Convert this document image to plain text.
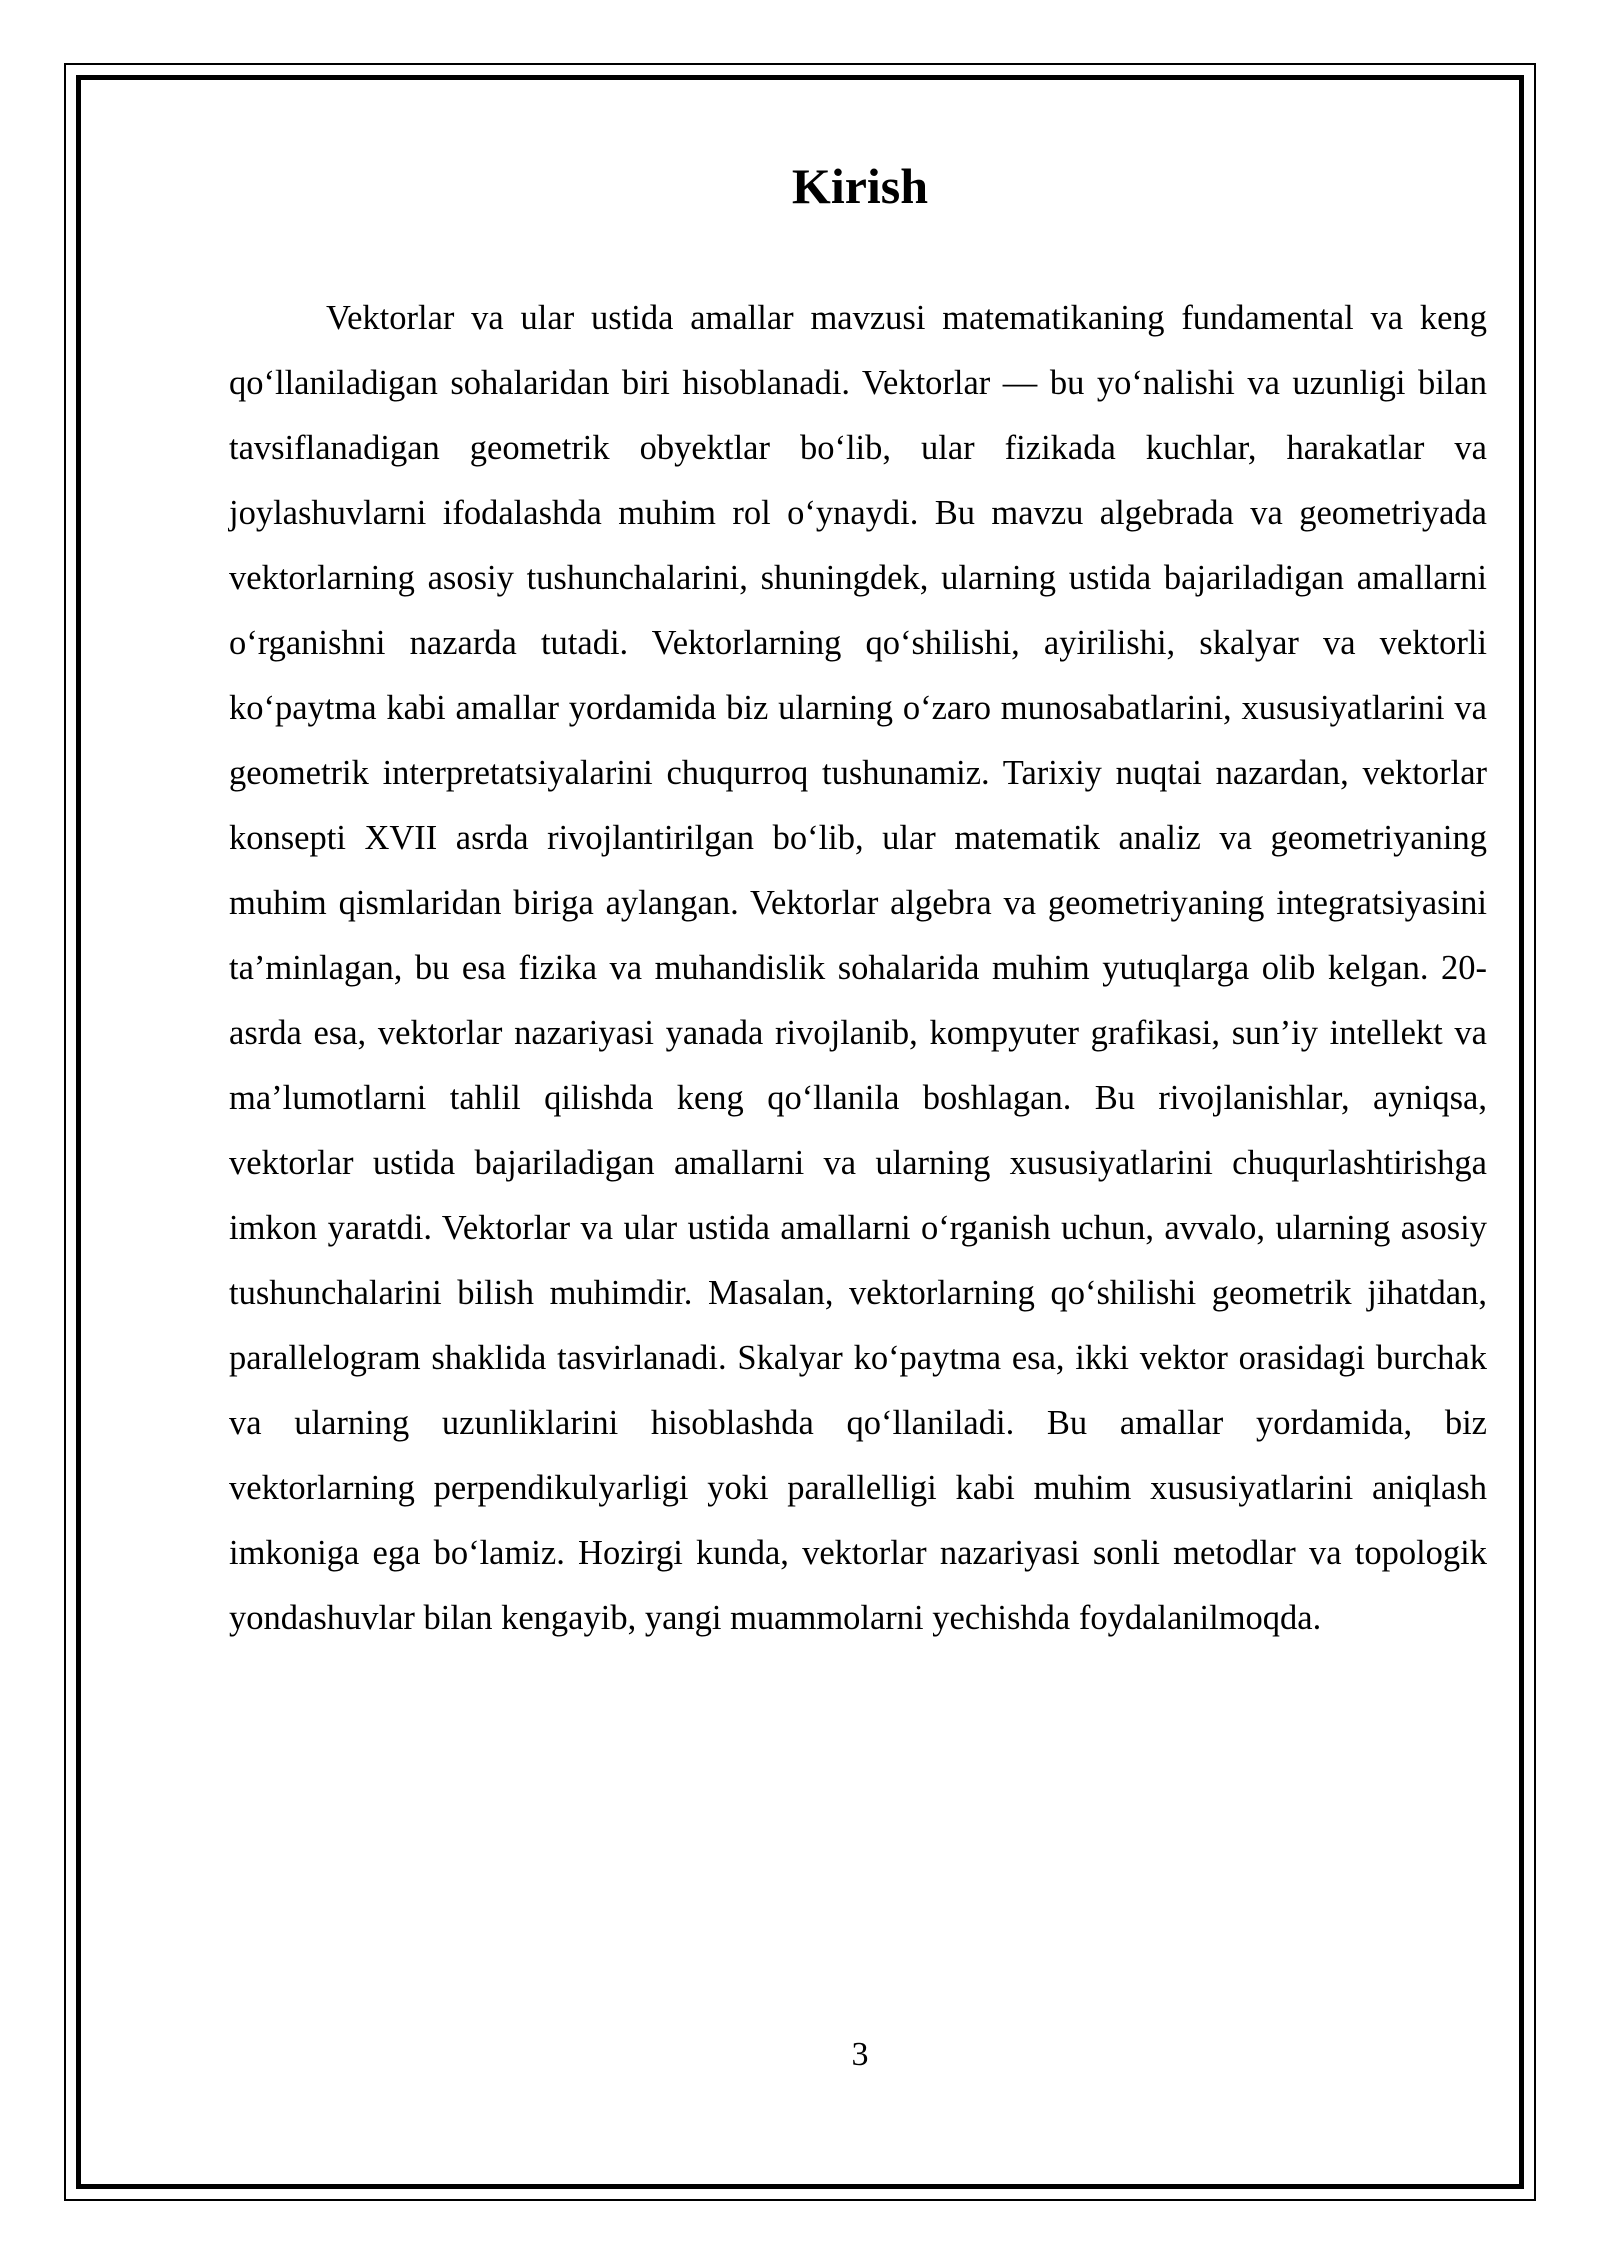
Kirish

Vektorlar va ular ustida amallar mavzusi matematikaning fundamental va keng qo‘llaniladigan sohalaridan biri hisoblanadi. Vektorlar — bu yo‘nalishi va uzunligi bilan tavsiflanadigan geometrik obyektlar bo‘lib, ular fizikada kuchlar, harakatlar va joylashuvlarni ifodalashda muhim rol o‘ynaydi. Bu mavzu algebrada va geometriyada vektorlarning asosiy tushunchalarini, shuningdek, ularning ustida bajariladigan amallarni o‘rganishni nazarda tutadi. Vektorlarning qo‘shilishi, ayirilishi, skalyar va vektorli ko‘paytma kabi amallar yordamida biz ularning o‘zaro munosabatlarini, xususiyatlarini va geometrik interpretatsiyalarini chuqurroq tushunamiz. Tarixiy nuqtai nazardan, vektorlar konsepti XVII asrda rivojlantirilgan bo‘lib, ular matematik analiz va geometriyaning muhim qismlaridan biriga aylangan. Vektorlar algebra va geometriyaning integratsiyasini ta’minlagan, bu esa fizika va muhandislik sohalarida muhim yutuqlarga olib kelgan. 20-asrda esa, vektorlar nazariyasi yanada rivojlanib, kompyuter grafikasi, sun’iy intellekt va ma’lumotlarni tahlil qilishda keng qo‘llanila boshlagan. Bu rivojlanishlar, ayniqsa, vektorlar ustida bajariladigan amallarni va ularning xususiyatlarini chuqurlashtirishga imkon yaratdi. Vektorlar va ular ustida amallarni o‘rganish uchun, avvalo, ularning asosiy tushunchalarini bilish muhimdir. Masalan, vektorlarning qo‘shilishi geometrik jihatdan, parallelogram shaklida tasvirlanadi. Skalyar ko‘paytma esa, ikki vektor orasidagi burchak va ularning uzunliklarini hisoblashda qo‘llaniladi. Bu amallar yordamida, biz vektorlarning perpendikulyarligi yoki parallelligi kabi muhim xususiyatlarini aniqlash imkoniga ega bo‘lamiz. Hozirgi kunda, vektorlar nazariyasi sonli metodlar va topologik yondashuvlar bilan kengayib, yangi muammolarni yechishda foydalanilmoqda.

3
